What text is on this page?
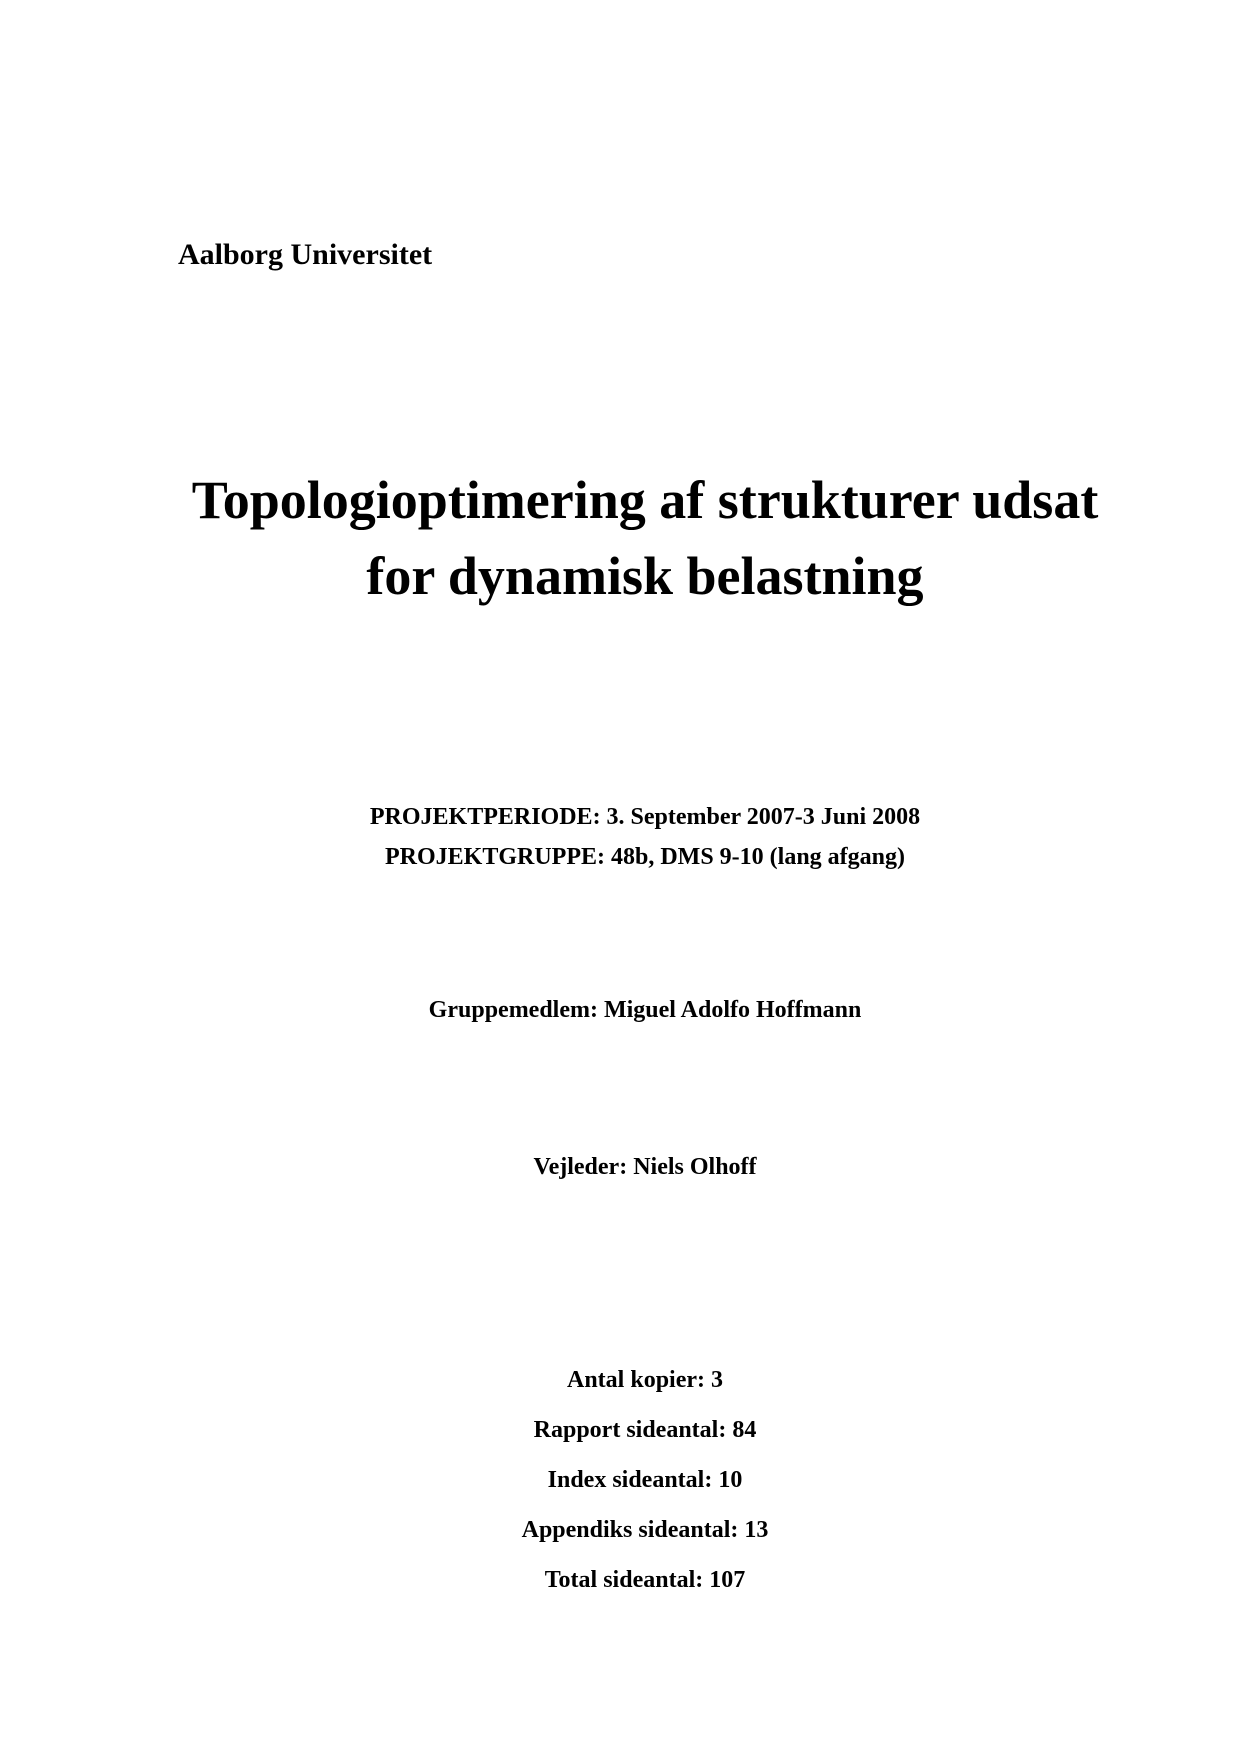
Aalborg Universitet
Topologioptimering af strukturer udsat
for dynamisk belastning
PROJEKTPERIODE: 3. September 2007-3 Juni 2008
PROJEKTGRUPPE: 48b, DMS 9-10 (lang afgang)
Gruppemedlem: Miguel Adolfo Hoffmann
Vejleder: Niels Olhoff
Antal kopier: 3
Rapport sideantal: 84
Index sideantal: 10
Appendiks sideantal: 13
Total sideantal: 107
